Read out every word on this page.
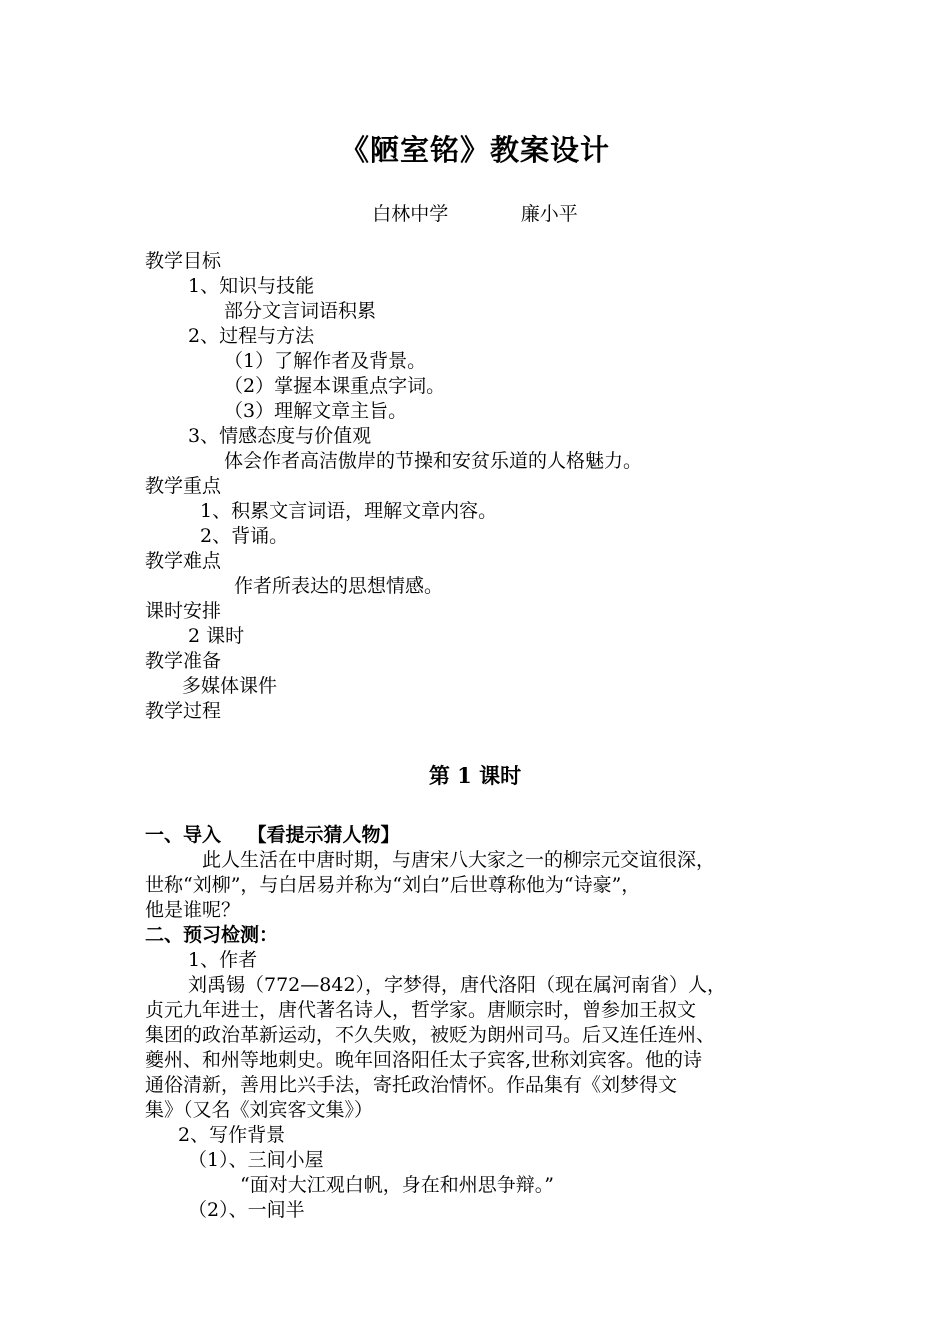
《陋室铭》教案设计
白林中学            廉小平
教学目标
1、知识与技能
部分文言词语积累
2、过程与方法
（1）了解作者及背景。
（2）掌握本课重点字词。
（3）理解文章主旨。
3、情感态度与价值观
体会作者高洁傲岸的节操和安贫乐道的人格魅力。
教学重点
1、积累文言词语，理解文章内容。
2、背诵。
教学难点
作者所表达的思想情感。
课时安排
2 课时
教学准备
多媒体课件
教学过程
第 1 课时
一、导入    【看提示猜人物】
此人生活在中唐时期，与唐宋八大家之一的柳宗元交谊很深，
世称“刘柳”，与白居易并称为“刘白”后世尊称他为“诗豪”，
他是谁呢？
二、预习检测：
1、作者
刘禹锡（772—842），字梦得，唐代洛阳（现在属河南省）人，
贞元九年进士，唐代著名诗人，哲学家。唐顺宗时，曾参加王叔文
集团的政治革新运动，不久失败，被贬为朗州司马。后又连任连州、
夔州、和州等地刺史。晚年回洛阳任太子宾客,世称刘宾客。他的诗
通俗清新，善用比兴手法，寄托政治情怀。作品集有《刘梦得文
集》（又名《刘宾客文集》）
2、写作背景
（1）、三间小屋
“面对大江观白帆，身在和州思争辩。”
（2）、一间半
